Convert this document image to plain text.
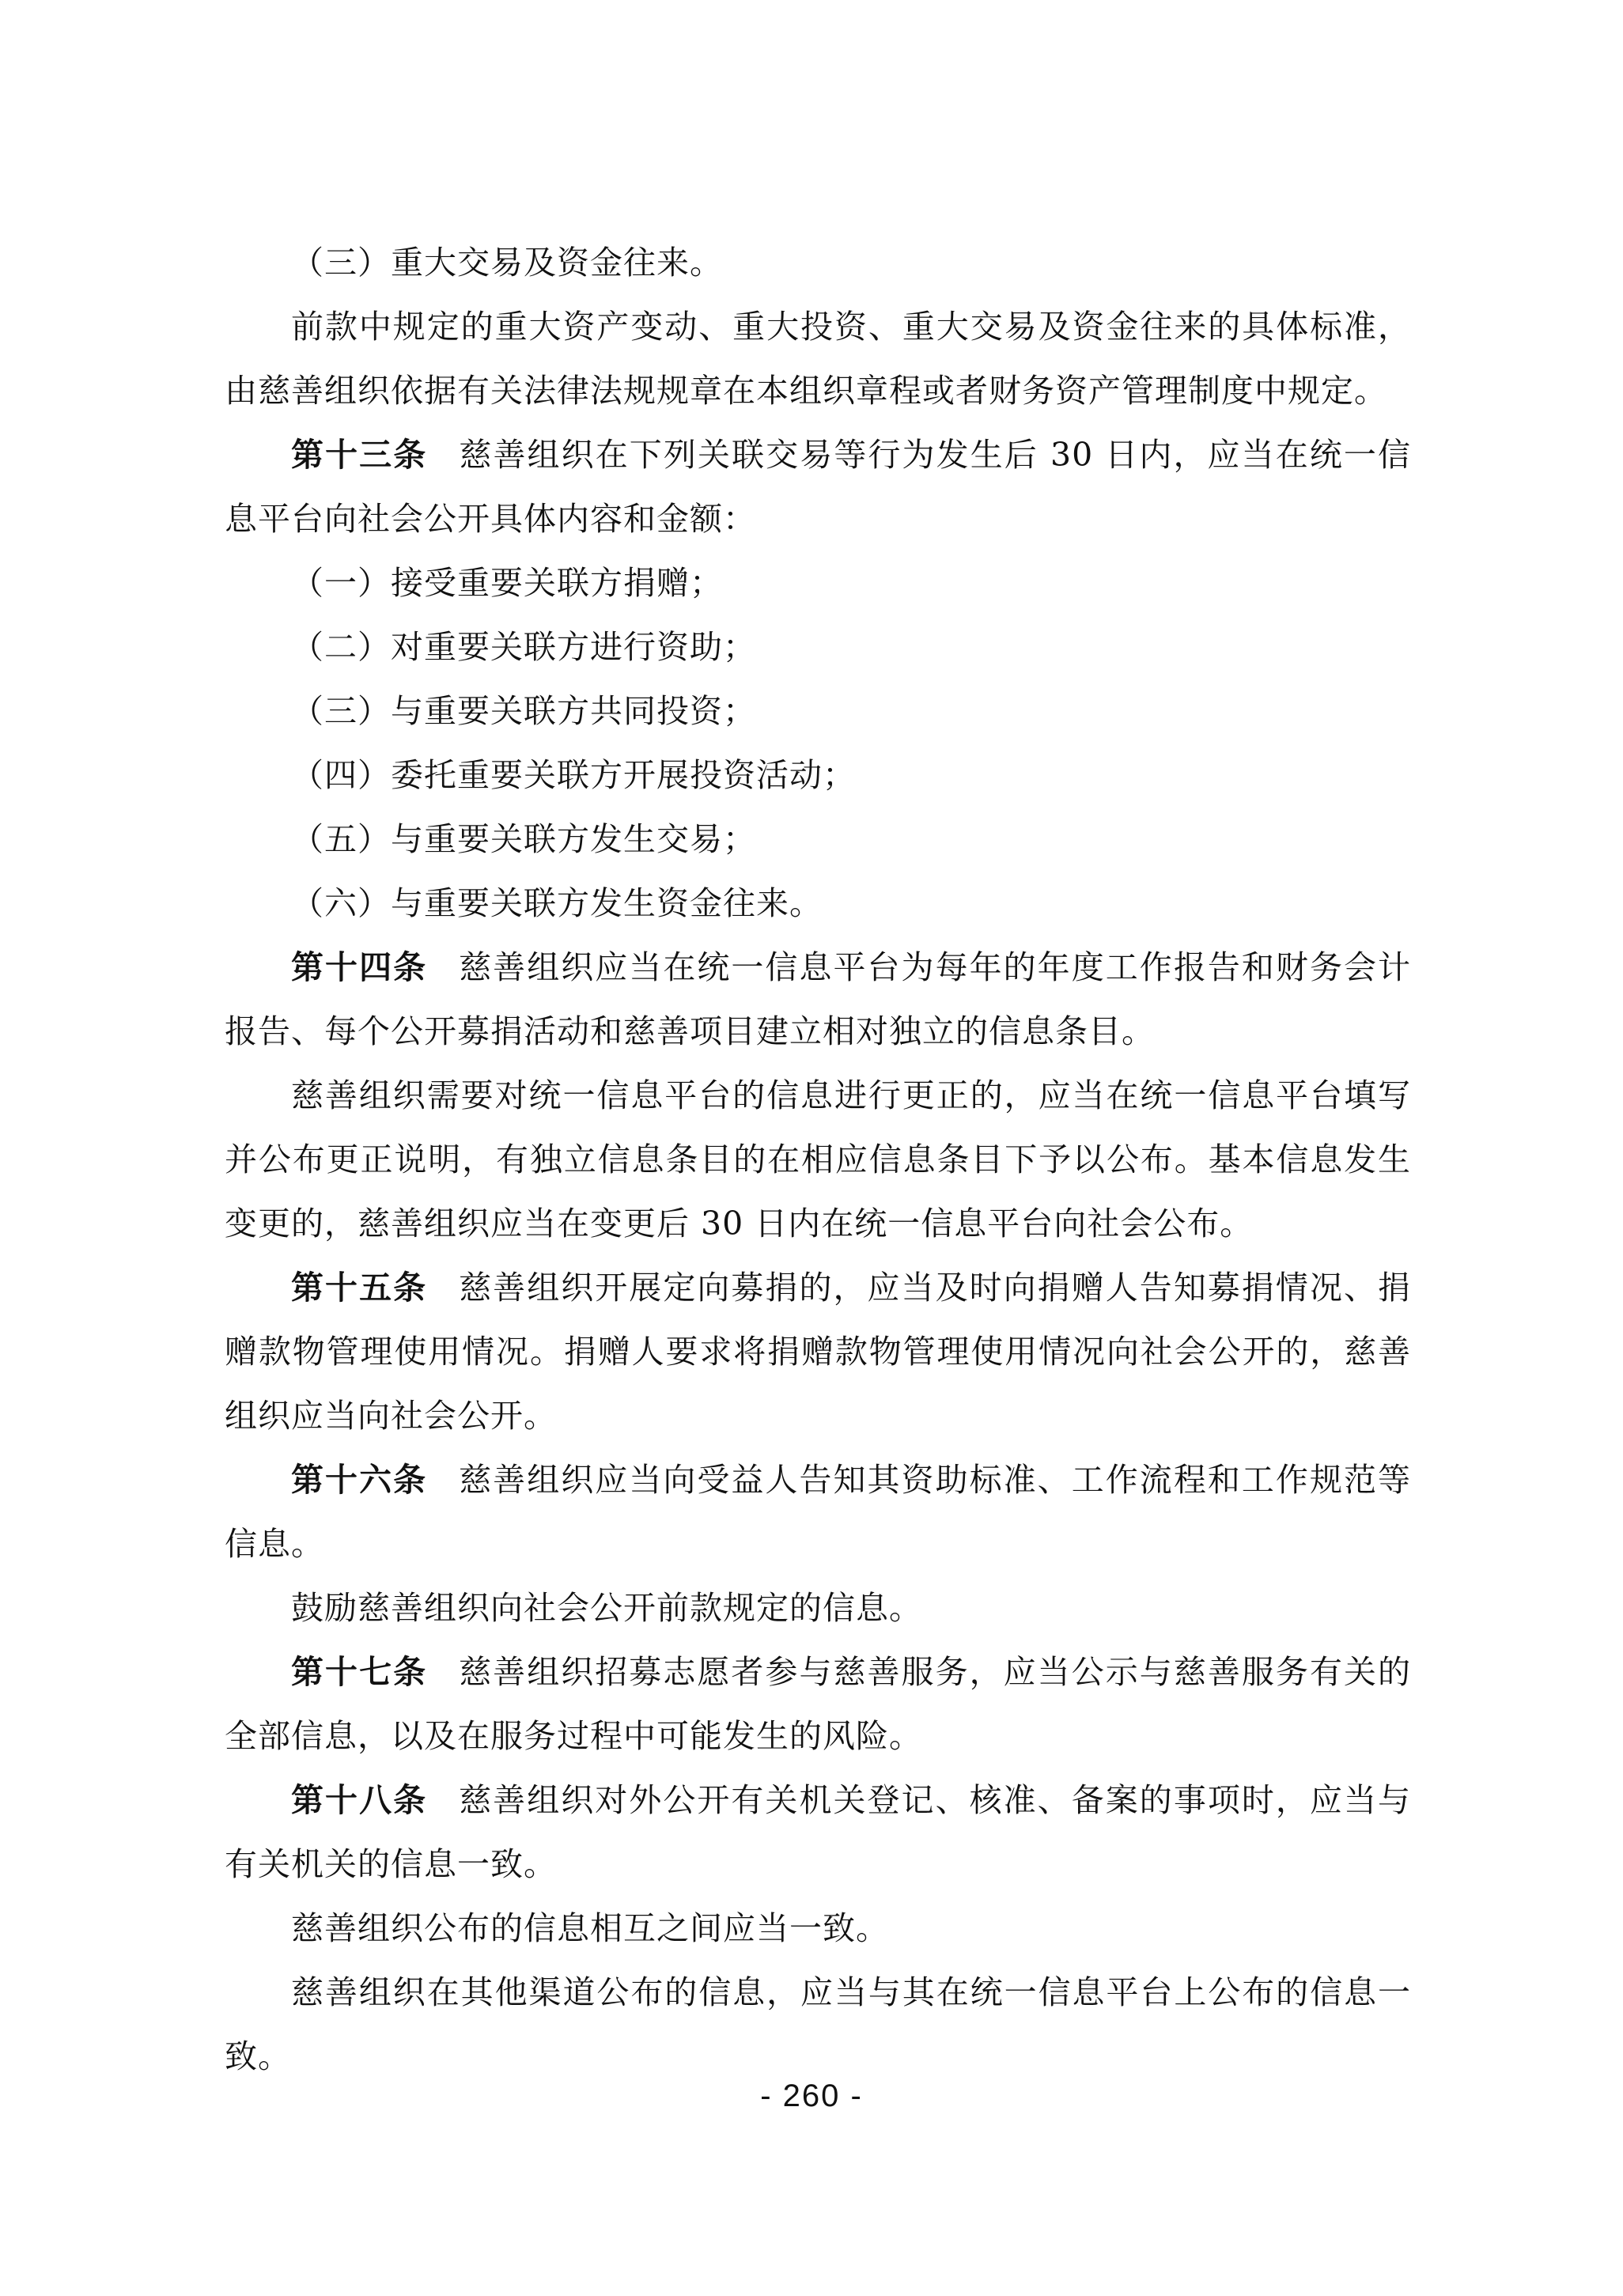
（三）重大交易及资金往来。

前款中规定的重大资产变动、重大投资、重大交易及资金往来的具体标准，由慈善组织依据有关法律法规规章在本组织章程或者财务资产管理制度中规定。

第十三条 慈善组织在下列关联交易等行为发生后 30 日内，应当在统一信息平台向社会公开具体内容和金额：

（一）接受重要关联方捐赠；

（二）对重要关联方进行资助；

（三）与重要关联方共同投资；

（四）委托重要关联方开展投资活动；

（五）与重要关联方发生交易；

（六）与重要关联方发生资金往来。

第十四条 慈善组织应当在统一信息平台为每年的年度工作报告和财务会计报告、每个公开募捐活动和慈善项目建立相对独立的信息条目。

慈善组织需要对统一信息平台的信息进行更正的，应当在统一信息平台填写并公布更正说明，有独立信息条目的在相应信息条目下予以公布。基本信息发生变更的，慈善组织应当在变更后 30 日内在统一信息平台向社会公布。

第十五条 慈善组织开展定向募捐的，应当及时向捐赠人告知募捐情况、捐赠款物管理使用情况。捐赠人要求将捐赠款物管理使用情况向社会公开的，慈善组织应当向社会公开。

第十六条 慈善组织应当向受益人告知其资助标准、工作流程和工作规范等信息。

鼓励慈善组织向社会公开前款规定的信息。

第十七条 慈善组织招募志愿者参与慈善服务，应当公示与慈善服务有关的全部信息，以及在服务过程中可能发生的风险。

第十八条 慈善组织对外公开有关机关登记、核准、备案的事项时，应当与有关机关的信息一致。

慈善组织公布的信息相互之间应当一致。

慈善组织在其他渠道公布的信息，应当与其在统一信息平台上公布的信息一致。

- 260 -
